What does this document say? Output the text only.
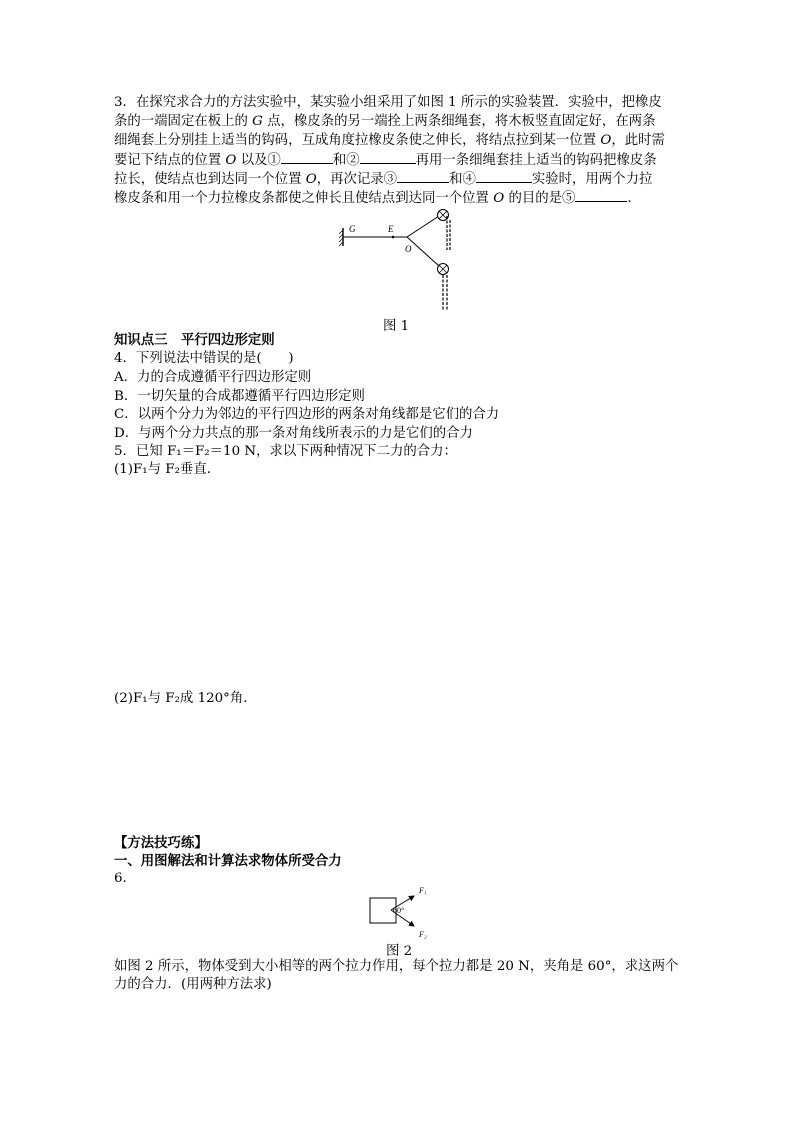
3．在探究求合力的方法实验中，某实验小组采用了如图 1 所示的实验装置．实验中，把橡皮
条的一端固定在板上的 G 点，橡皮条的另一端拴上两条细绳套，将木板竖直固定好，在两条
细绳套上分别挂上适当的钩码，互成角度拉橡皮条使之伸长，将结点拉到某一位置 O，此时需
要记下结点的位置 O 以及①	和②	再用一条细绳套挂上适当的钩码把橡皮条
拉长，使结点也到达同一个位置 O，再次记录③	和④	实验时，用两个力拉
橡皮条和用一个力拉橡皮条都使之伸长且使结点到达同一个位置 O 的目的是⑤	.
G	E
O
图 1
知识点三　平行四边形定则
4．下列说法中错误的是(　　)
A．力的合成遵循平行四边形定则
B．一切矢量的合成都遵循平行四边形定则
C．以两个分力为邻边的平行四边形的两条对角线都是它们的合力
D．与两个分力共点的那一条对角线所表示的力是它们的合力
5．已知 F₁＝F₂＝10 N，求以下两种情况下二力的合力：
(1)F₁与 F₂垂直．
(2)F₁与 F₂成 120°角．
【方法技巧练】
一、用图解法和计算法求物体所受合力
6.
F₁
F₂
60°
图 2
如图 2 所示，物体受到大小相等的两个拉力作用，每个拉力都是 20 N，夹角是 60°，求这两个
力的合力．(用两种方法求)
